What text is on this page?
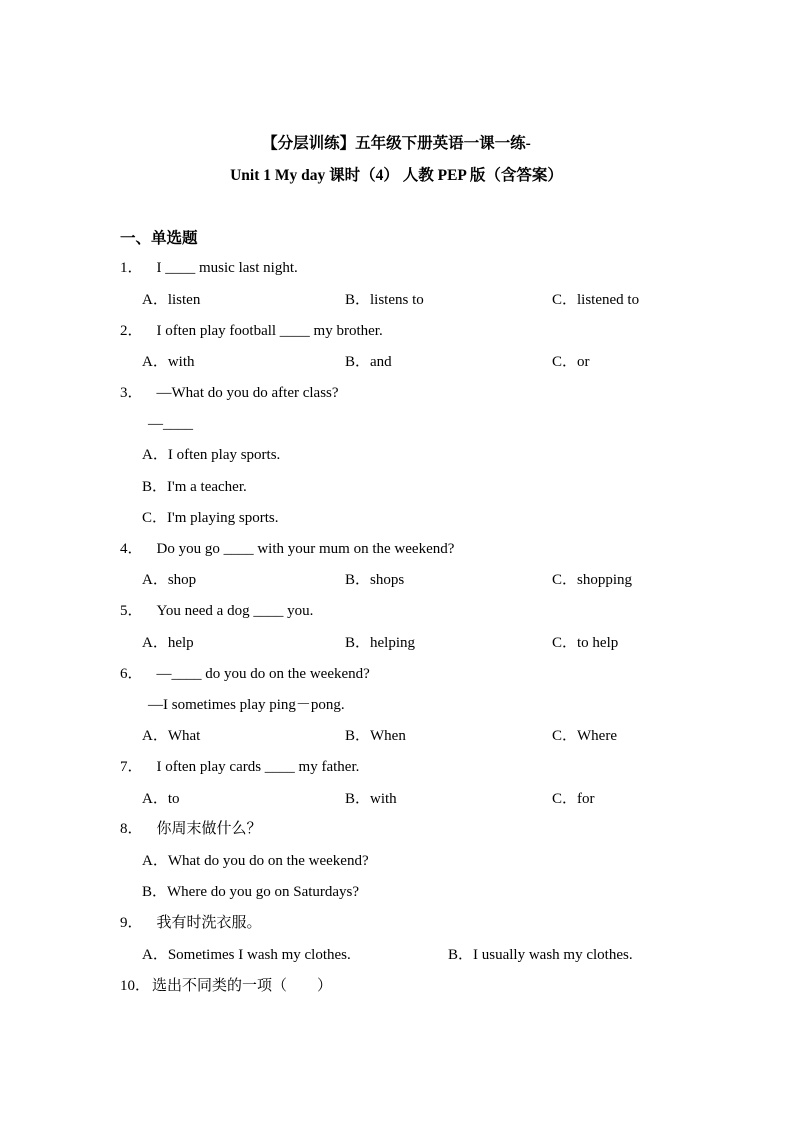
【分层训练】五年级下册英语一课一练-
Unit 1 My day 课时（4） 人教 PEP 版（含答案）
一、单选题
1． I ____ music last night.
A．listen	B．listens to	C．listened to
2． I often play football ____ my brother.
A．with	B．and	C．or
3． —What do you do after class?
—____
A．I often play sports.
B．I'm a teacher.
C．I'm playing sports.
4． Do you go ____ with your mum on the weekend?
A．shop	B．shops	C．shopping
5． You need a dog ____ you.
A．help	B．helping	C．to help
6． —____ do you do on the weekend?
—I sometimes play ping－pong.
A．What	B．When	C．Where
7． I often play cards ____ my father.
A．to	B．with	C．for
8． 你周末做什么？
A．What do you do on the weekend?
B．Where do you go on Saturdays?
9． 我有时洗衣服。
A．Sometimes I wash my clothes.	B．I usually wash my clothes.
10． 选出不同类的一项（　　）
